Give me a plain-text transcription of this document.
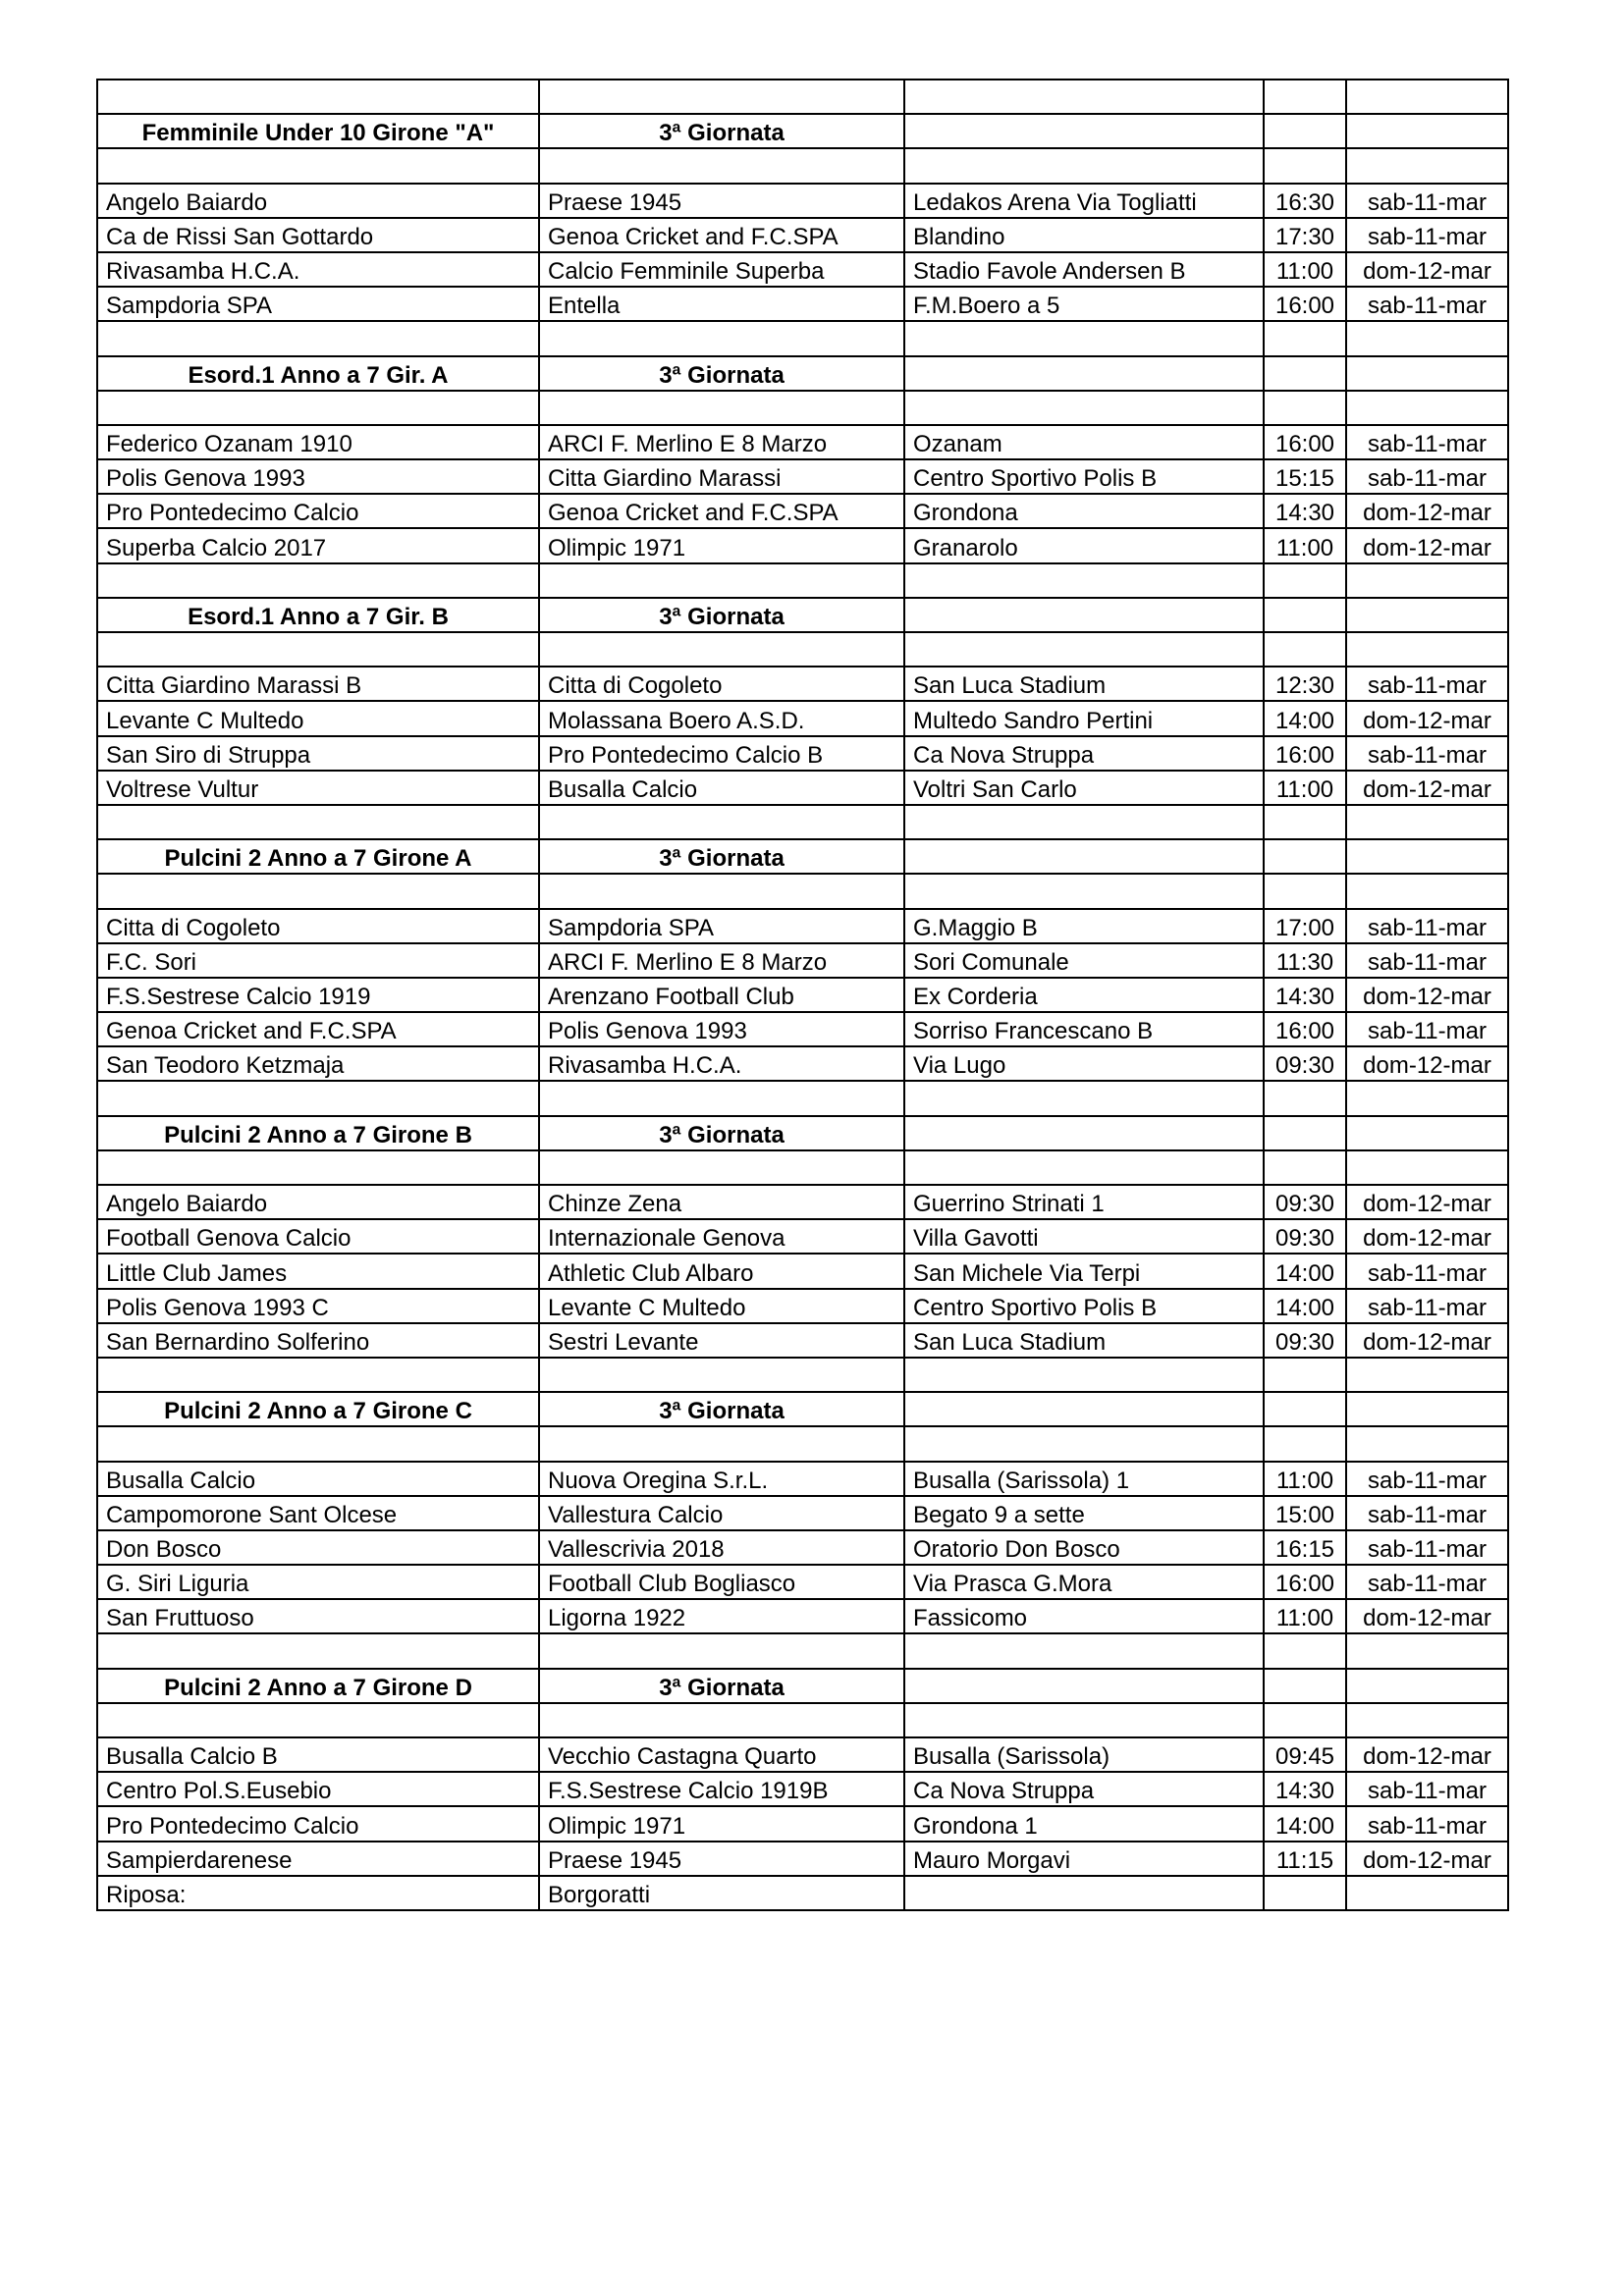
Femminile Under 10 Girone "A"	3ª Giornata			

Angelo Baiardo	Praese 1945	Ledakos Arena Via Togliatti	16:30	sab-11-mar
Ca de Rissi San Gottardo	Genoa Cricket and F.C.SPA	Blandino	17:30	sab-11-mar
Rivasamba H.C.A.	Calcio Femminile Superba	Stadio Favole Andersen B	11:00	dom-12-mar
Sampdoria SPA	Entella	F.M.Boero a 5	16:00	sab-11-mar

Esord.1 Anno a 7 Gir. A	3ª Giornata			

Federico Ozanam 1910	ARCI F. Merlino E 8 Marzo	Ozanam	16:00	sab-11-mar
Polis Genova 1993	Citta Giardino Marassi	Centro Sportivo Polis B	15:15	sab-11-mar
Pro Pontedecimo Calcio	Genoa Cricket and F.C.SPA	Grondona	14:30	dom-12-mar
Superba Calcio 2017	Olimpic 1971	Granarolo	11:00	dom-12-mar

Esord.1 Anno a 7 Gir. B	3ª Giornata			

Citta Giardino Marassi B	Citta di Cogoleto	San Luca Stadium	12:30	sab-11-mar
Levante C Multedo	Molassana Boero A.S.D.	Multedo Sandro Pertini	14:00	dom-12-mar
San Siro di Struppa	Pro Pontedecimo Calcio B	Ca Nova Struppa	16:00	sab-11-mar
Voltrese Vultur	Busalla Calcio	Voltri San Carlo	11:00	dom-12-mar

Pulcini 2 Anno a 7 Girone A	3ª Giornata			

Citta di Cogoleto	Sampdoria SPA	G.Maggio B	17:00	sab-11-mar
F.C. Sori	ARCI F. Merlino E 8 Marzo	Sori Comunale	11:30	sab-11-mar
F.S.Sestrese Calcio 1919	Arenzano Football Club	Ex Corderia	14:30	dom-12-mar
Genoa Cricket and F.C.SPA	Polis Genova 1993	Sorriso Francescano B	16:00	sab-11-mar
San Teodoro Ketzmaja	Rivasamba H.C.A.	Via Lugo	09:30	dom-12-mar

Pulcini 2 Anno a 7 Girone B	3ª Giornata			

Angelo Baiardo	Chinze Zena	Guerrino Strinati 1	09:30	dom-12-mar
Football Genova Calcio	Internazionale Genova	Villa Gavotti	09:30	dom-12-mar
Little Club James	Athletic Club Albaro	San Michele Via Terpi	14:00	sab-11-mar
Polis Genova 1993 C	Levante C Multedo	Centro Sportivo Polis B	14:00	sab-11-mar
San Bernardino Solferino	Sestri Levante	San Luca Stadium	09:30	dom-12-mar

Pulcini 2 Anno a 7 Girone C	3ª Giornata			

Busalla Calcio	Nuova Oregina S.r.L.	Busalla (Sarissola) 1	11:00	sab-11-mar
Campomorone Sant Olcese	Vallestura Calcio	Begato 9 a sette	15:00	sab-11-mar
Don Bosco	Vallescrivia 2018	Oratorio Don Bosco	16:15	sab-11-mar
G. Siri Liguria	Football Club Bogliasco	Via Prasca G.Mora	16:00	sab-11-mar
San Fruttuoso	Ligorna 1922	Fassicomo	11:00	dom-12-mar

Pulcini 2 Anno a 7 Girone D	3ª Giornata			

Busalla Calcio B	Vecchio Castagna Quarto	Busalla (Sarissola)	09:45	dom-12-mar
Centro Pol.S.Eusebio	F.S.Sestrese Calcio 1919B	Ca Nova Struppa	14:30	sab-11-mar
Pro Pontedecimo Calcio	Olimpic 1971	Grondona 1	14:00	sab-11-mar
Sampierdarenese	Praese 1945	Mauro Morgavi	11:15	dom-12-mar
Riposa:	Borgoratti			
